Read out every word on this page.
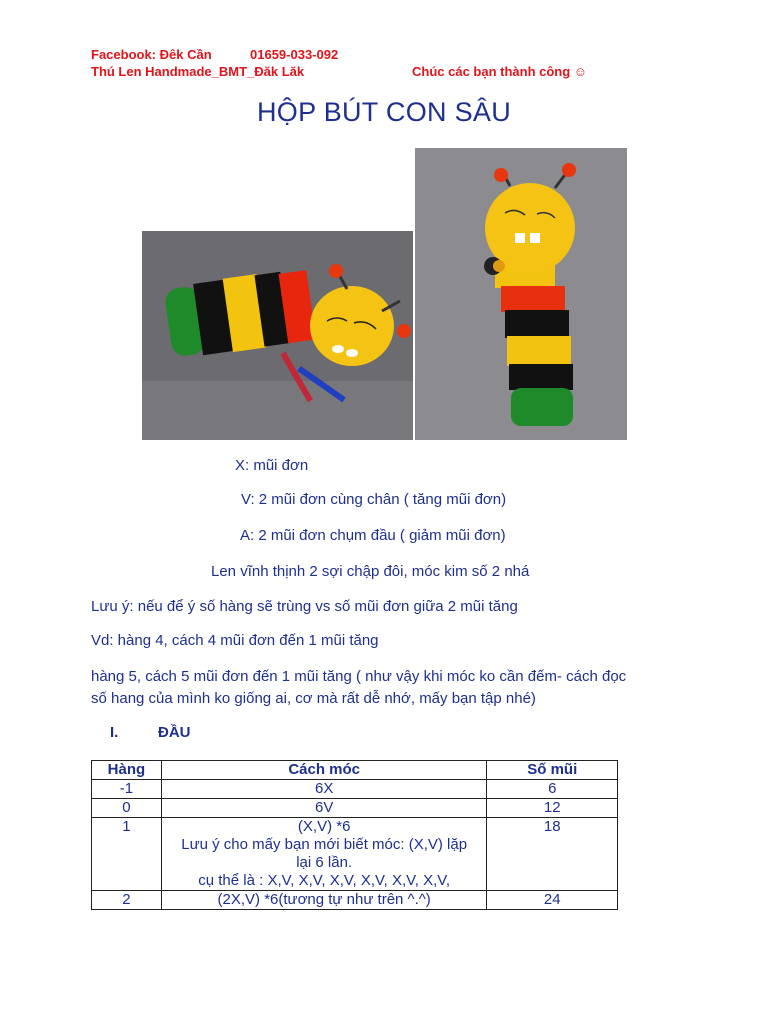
Facebook: Đêk Cần	01659-033-092
Thú Len Handmade_BMT_Đăk Lăk	Chúc các bạn thành công ☺
HỘP BÚT CON SÂU
X: mũi đơn
V: 2 mũi đơn cùng chân ( tăng mũi đơn)
A: 2 mũi đơn chụm đầu ( giảm mũi đơn)
Len vĩnh thịnh 2 sợi chập đôi, móc kim số 2 nhá
Lưu ý: nếu để ý số hàng sẽ trùng vs số mũi đơn giữa 2 mũi tăng
Vd: hàng 4, cách 4 mũi đơn đến 1 mũi tăng
hàng 5, cách 5 mũi đơn đến 1 mũi tăng ( như vậy khi móc ko cần đếm- cách đọc
số hang của mình ko giống ai, cơ mà rất dễ nhớ, mấy bạn tập nhé)
I.	ĐẦU
Hàng	Cách móc	Số mũi
-1	6X	6
0	6V	12
1	(X,V) *6
Lưu ý cho mấy bạn mới biết móc: (X,V) lặp
lại 6 lần.
cụ thể là : X,V, X,V, X,V, X,V, X,V, X,V,	18
2	(2X,V) *6(tương tự như trên ^.^)	24
